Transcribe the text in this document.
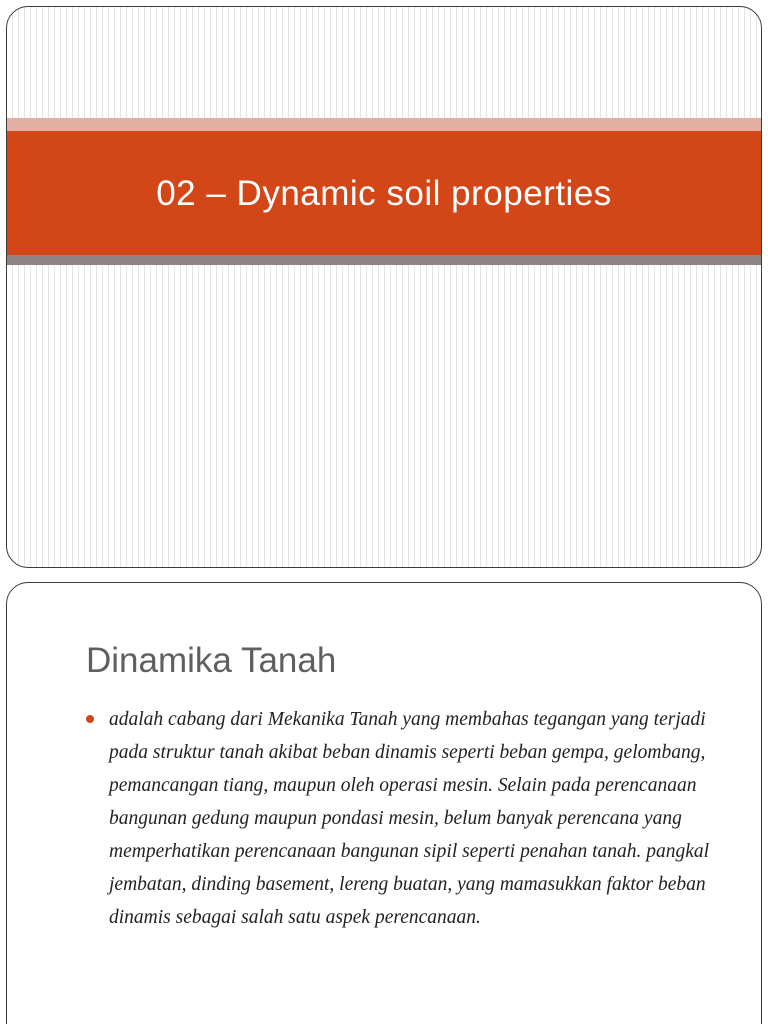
02 – Dynamic soil properties
Dinamika Tanah

adalah cabang dari Mekanika Tanah yang membahas tegangan yang terjadi pada struktur tanah akibat beban dinamis seperti beban gempa, gelombang, pemancangan tiang, maupun oleh operasi mesin. Selain pada perencanaan bangunan gedung maupun pondasi mesin, belum banyak perencana yang memperhatikan perencanaan bangunan sipil seperti penahan tanah. pangkal jembatan, dinding basement, lereng buatan, yang mamasukkan faktor beban dinamis sebagai salah satu aspek perencanaan.
